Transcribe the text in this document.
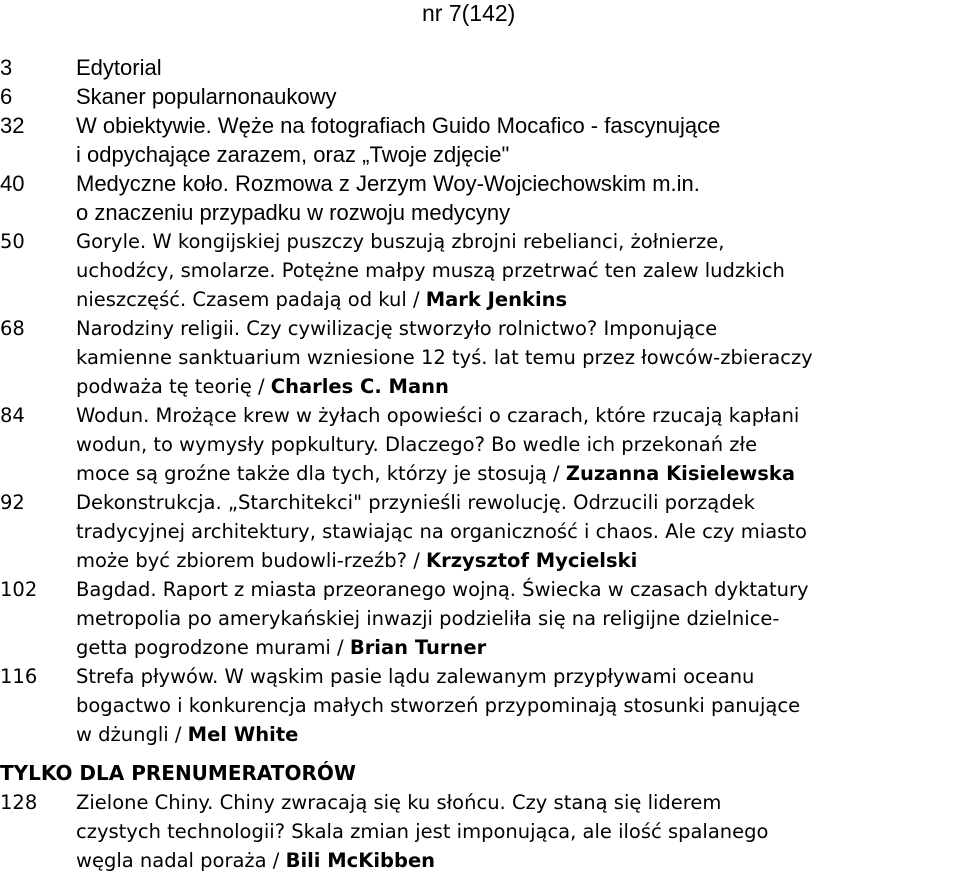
nr 7(142)
3	Edytorial
6	Skaner popularnonaukowy
32 W obiektywie. Węże na fotografiach Guido Mocafico - fascynujące
i odpychające zarazem, oraz „Twoje zdjęcie"
40 Medyczne koło. Rozmowa z Jerzym Woy-Wojciechowskim m.in.
o znaczeniu przypadku w rozwoju medycyny
50	Goryle. W kongijskiej puszczy buszują zbrojni rebelianci, żołnierze,
uchodźcy, smolarze. Potężne małpy muszą przetrwać ten zalew ludzkich
nieszczęść. Czasem padają od kul / Mark Jenkins
68	Narodziny religii. Czy cywilizację stworzyło rolnictwo? Imponujące
kamienne sanktuarium wzniesione 12 tyś. lat temu przez łowców-zbieraczy
podważa tę teorię / Charles C. Mann
84	Wodun. Mrożące krew w żyłach opowieści o czarach, które rzucają kapłani
wodun, to wymysły popkultury. Dlaczego? Bo wedle ich przekonań złe
moce są groźne także dla tych, którzy je stosują / Zuzanna Kisielewska
92	Dekonstrukcja. „Starchitekci" przynieśli rewolucję. Odrzucili porządek
tradycyjnej architektury, stawiając na organiczność i chaos. Ale czy miasto
może być zbiorem budowli-rzeźb? / Krzysztof Mycielski
102 Bagdad. Raport z miasta przeoranego wojną. Świecka w czasach dyktatury
metropolia po amerykańskiej inwazji podzieliła się na religijne dzielnice-
getta pogrodzone murami / Brian Turner
116 Strefa pływów. W wąskim pasie lądu zalewanym przypływami oceanu
bogactwo i konkurencja małych stworzeń przypominają stosunki panujące
w dżungli / Mel White
TYLKO DLA PRENUMERATORÓW
128 Zielone Chiny. Chiny zwracają się ku słońcu. Czy staną się liderem
czystych technologii? Skala zmian jest imponująca, ale ilość spalanego
węgla nadal poraża / Bili McKibben
